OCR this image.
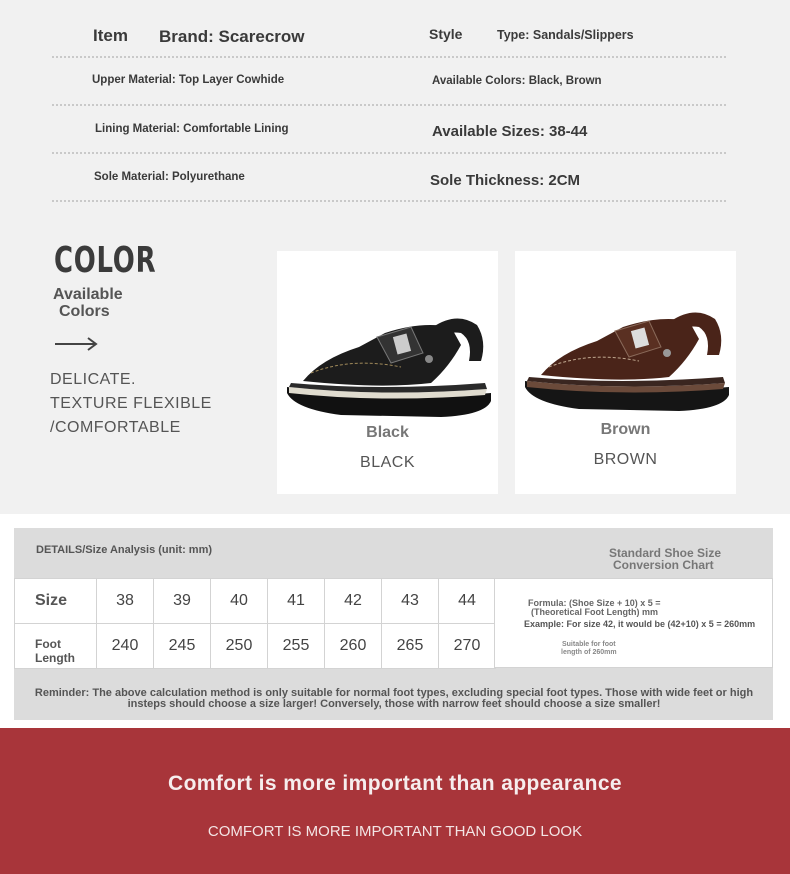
Item Brand: Scarecrow	Style	Type: Sandals/Slippers
Upper Material: Top Layer Cowhide	Available Colors: Black, Brown
Lining Material: Comfortable Lining	Available Sizes: 38-44
Sole Material: Polyurethane	Sole Thickness: 2CM
COLOR
Available
Colors
DELICATE.
TEXTURE FLEXIBLE
/COMFORTABLE	Black
BLACK
Brown
BROWN
DETAILS/Size Analysis (unit: mm)	Standard Shoe Size
Conversion Chart
Size	38	39	40	41	42	43	44
Foot Length	240	245	250	255	260	265	270
Formula: (Shoe Size + 10) x 5 =
(Theoretical Foot Length) mm
Example: For size 42, it would be (42+10) x 5 = 260mm
Suitable for foot
length of 260mm
Reminder: The above calculation method is only suitable for normal foot types, excluding special foot types. Those with wide feet or high insteps should choose a size larger! Conversely, those with narrow feet should choose a size smaller!
Comfort is more important than appearance
COMFORT IS MORE IMPORTANT THAN GOOD LOOK
